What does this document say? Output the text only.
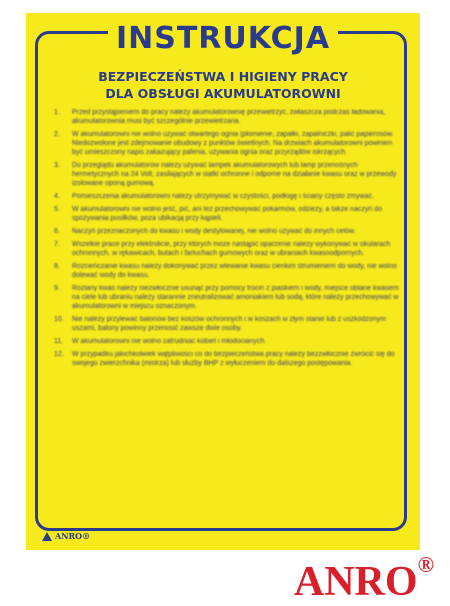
INSTRUKCJA
BEZPIECZEŃSTWA I HIGIENY PRACY
DLA OBSŁUGI AKUMULATOROWNI
1.	Przed przystąpieniem do pracy należy akumulatorownię przewietrzyć, zwłaszcza podczas ładowania, akumulatorownia musi być szczególnie przewietrzana.
2.	W akumulatorowni nie wolno używać otwartego ognia (płomienie, zapałki, zapalniczki, palić papierosów. Niedozwolone jest zdejmowanie obudowy z punktów świetlnych. Na drzwiach akumulatorowni powinien być umieszczony napis zakazujący palenia, używania ognia oraz przyrządów iskrzących.
3.	Do przeglądu akumulatorów należy używać lampek akumulatorowych lub lamp przenośnych hermetycznych na 24 Volt, zasilających w siatki ochronne i odporne na działanie kwasu oraz w przewody izolowane oponą gumową.
4.	Pomieszczenia akumulatorowni należy utrzymywać w czystości, podłogę i ściany często zmywać.
5.	W akumulatorowni nie wolno jeść, pić, ani też przechowywać pokarmów, odzieży, a także naczyń do spożywania posiłków, poza ubikacją przy kąpieli.
6.	Naczyń przeznaczonych do kwasu i wody destylowanej, nie wolno używać do innych celów.
7.	Wszelkie prace przy elektrolicie, przy których może nastąpić oparzenie należy wykonywać w okularach ochronnych, w rękawicach, butach i fartuchach gumowych oraz w ubraniach kwasoodpornych.
8.	Rozcieńczanie kwasu należy dokonywać przez wlewanie kwasu cienkim strumieniem do wody, nie wolno dolewać wody do kwasu.
9.	Rozlany kwas należy niezwłocznie usunąć przy pomocy trocin z piaskiem i wody, miejsce oblane kwasem na ciele lub ubraniu należy starannie zneutralizować amoniakiem lub sodą, które należy przechowywać w akumulatorowni w miejscu oznaczonym.
10.	Nie należy przylewać balonów bez koszów ochronnych i w koszach w złym stanie lub z uszkodzonym uszami, balony powinny przenosić zawsze dwie osoby.
11.	W akumulatorowni nie wolno zatrudniać kobiet i młodocianych.
12.	W przypadku jakichkolwiek wątpliwości co do bezpieczeństwa pracy należy bezzwłocznie zwrócić się do swojego zwierzchnika (mistrza) lub służby BHP z wyłuczeniem do dalszego postępowania.
ANRO®
ANRO®
